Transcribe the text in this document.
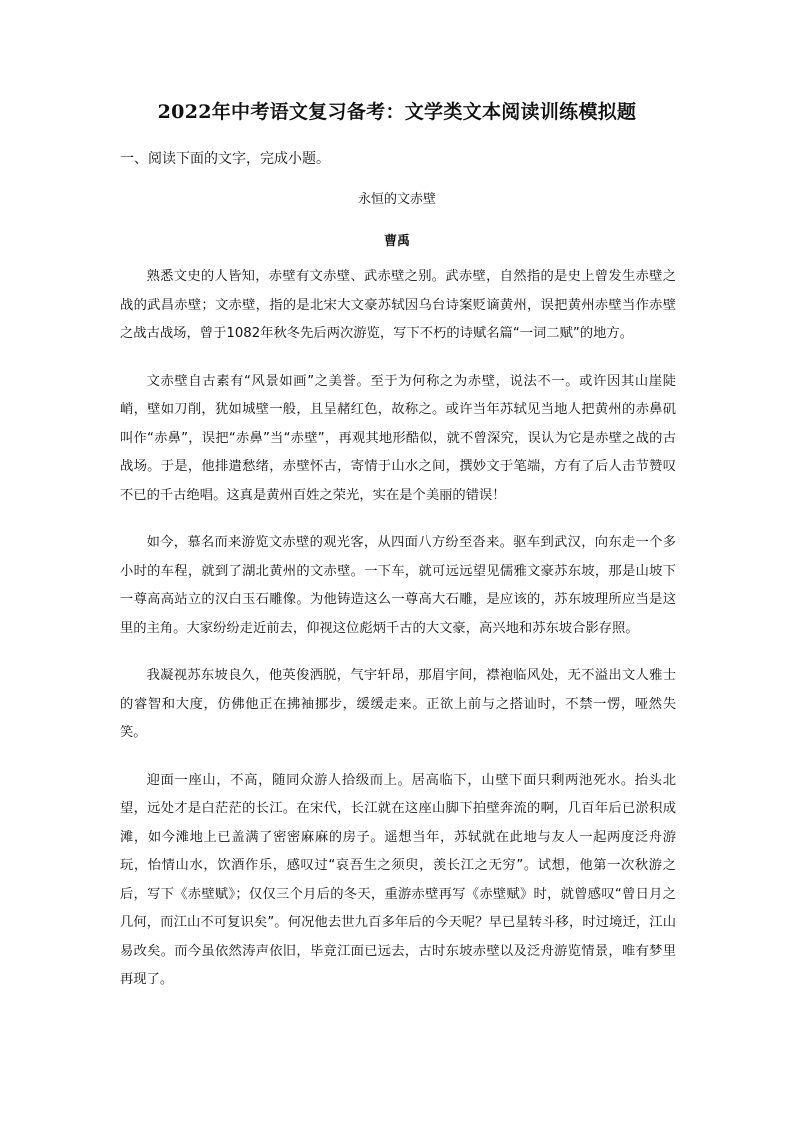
2022年中考语文复习备考：文学类文本阅读训练模拟题
一、阅读下面的文字，完成小题。
永恒的文赤壁
曹禹

熟悉文史的人皆知，赤壁有文赤壁、武赤壁之别。武赤壁，自然指的是史上曾发生赤壁之战的武昌赤壁；文赤壁，指的是北宋大文豪苏轼因乌台诗案贬谪黄州，误把黄州赤壁当作赤壁之战古战场，曾于1082年秋冬先后两次游览，写下不朽的诗赋名篇“一词二赋”的地方。

文赤壁自古素有“风景如画”之美誉。至于为何称之为赤壁，说法不一。或许因其山崖陡峭，壁如刀削，犹如城壁一般，且呈赭红色，故称之。或许当年苏轼见当地人把黄州的赤鼻矶叫作“赤鼻”，误把“赤鼻”当“赤壁”，再观其地形酷似，就不曾深究，误认为它是赤壁之战的古战场。于是，他排遣愁绪，赤壁怀古，寄情于山水之间，撰妙文于笔端，方有了后人击节赞叹不已的千古绝唱。这真是黄州百姓之荣光，实在是个美丽的错误！

如今，慕名而来游览文赤壁的观光客，从四面八方纷至沓来。驱车到武汉，向东走一个多小时的车程，就到了湖北黄州的文赤壁。一下车，就可远远望见儒雅文豪苏东坡，那是山坡下一尊高高站立的汉白玉石雕像。为他铸造这么一尊高大石雕，是应该的，苏东坡理所应当是这里的主角。大家纷纷走近前去，仰视这位彪炳千古的大文豪，高兴地和苏东坡合影存照。

我凝视苏东坡良久，他英俊洒脱，气宇轩昂，那眉宇间，襟袍临风处，无不溢出文人雅士的睿智和大度，仿佛他正在拂袖挪步，缓缓走来。正欲上前与之搭讪时，不禁一愣，哑然失笑。

迎面一座山，不高，随同众游人拾级而上。居高临下，山壁下面只剩两池死水。抬头北望，远处才是白茫茫的长江。在宋代，长江就在这座山脚下拍壁奔流的啊，几百年后已淤积成滩，如今滩地上已盖满了密密麻麻的房子。遥想当年，苏轼就在此地与友人一起两度泛舟游玩，怡情山水，饮酒作乐，感叹过“哀吾生之须臾，羡长江之无穷”。试想，他第一次秋游之后，写下《赤壁赋》；仅仅三个月后的冬天，重游赤壁再写《赤壁赋》时，就曾感叹“曾日月之几何，而江山不可复识矣”。何况他去世九百多年后的今天呢？早已星转斗移，时过境迁，江山易改矣。而今虽依然涛声依旧，毕竟江面已远去，古时东坡赤壁以及泛舟游览情景，唯有梦里再现了。
